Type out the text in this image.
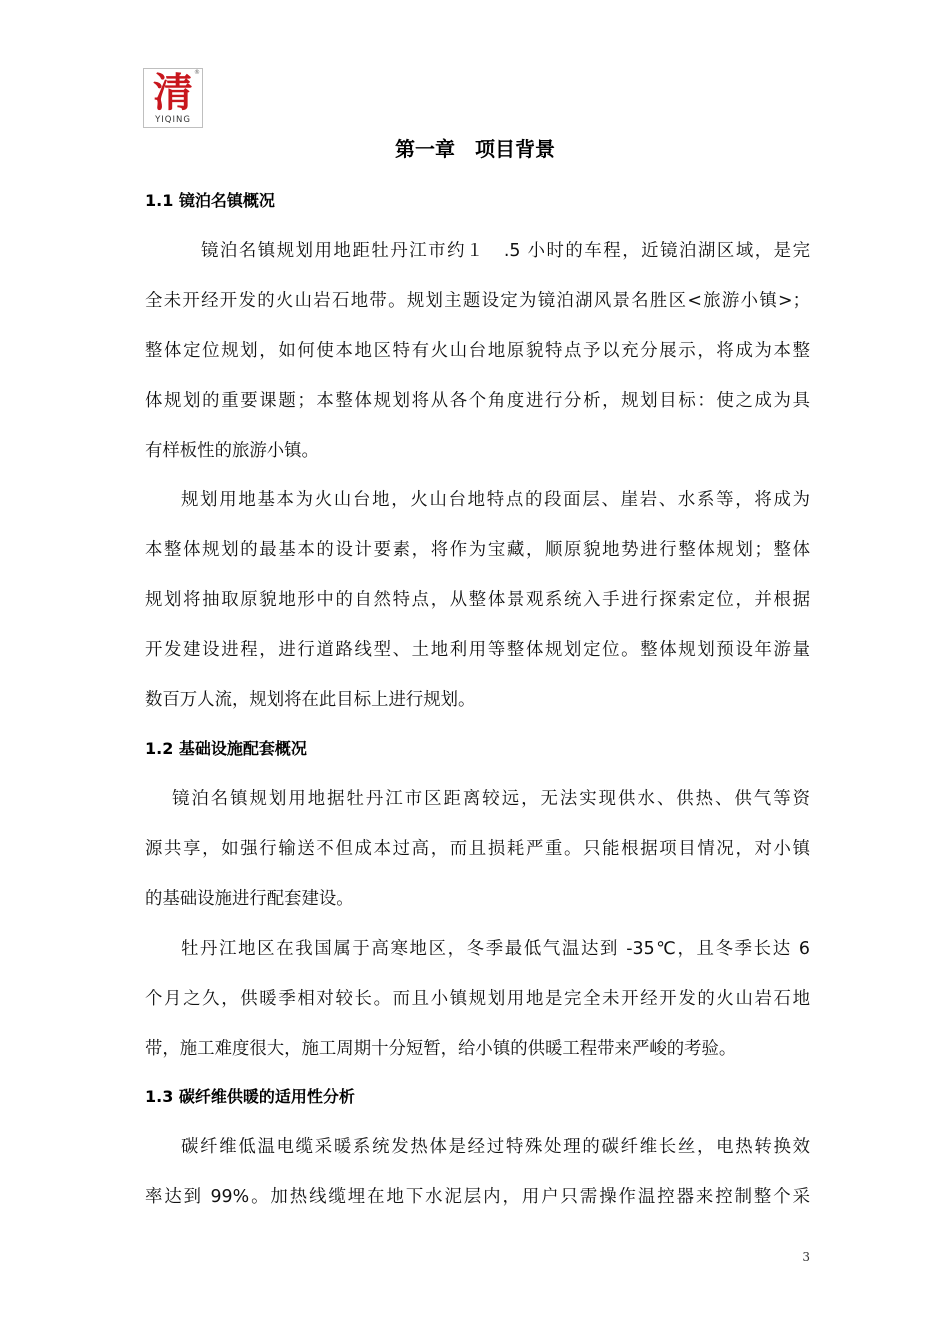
清 ®
YIQING
第一章　项目背景
1.1 镜泊名镇概况
镜泊名镇规划用地距牡丹江市约１　.5 小时的车程，近镜泊湖区域，是完
全未开经开发的火山岩石地带。规划主题设定为镜泊湖风景名胜区<旅游小镇>；
整体定位规划，如何使本地区特有火山台地原貌特点予以充分展示，将成为本整
体规划的重要课题；本整体规划将从各个角度进行分析，规划目标：使之成为具
有样板性的旅游小镇。
规划用地基本为火山台地，火山台地特点的段面层、崖岩、水系等，将成为
本整体规划的最基本的设计要素，将作为宝藏，顺原貌地势进行整体规划；整体
规划将抽取原貌地形中的自然特点，从整体景观系统入手进行探索定位，并根据
开发建设进程，进行道路线型、土地利用等整体规划定位。整体规划预设年游量
数百万人流，规划将在此目标上进行规划。
1.2 基础设施配套概况
镜泊名镇规划用地据牡丹江市区距离较远，无法实现供水、供热、供气等资
源共享，如强行输送不但成本过高，而且损耗严重。只能根据项目情况，对小镇
的基础设施进行配套建设。
牡丹江地区在我国属于高寒地区，冬季最低气温达到 -35℃，且冬季长达 6
个月之久，供暖季相对较长。而且小镇规划用地是完全未开经开发的火山岩石地
带，施工难度很大，施工周期十分短暂，给小镇的供暖工程带来严峻的考验。
1.3 碳纤维供暖的适用性分析
碳纤维低温电缆采暖系统发热体是经过特殊处理的碳纤维长丝，电热转换效
率达到 99%。加热线缆埋在地下水泥层内，用户只需操作温控器来控制整个采
3
